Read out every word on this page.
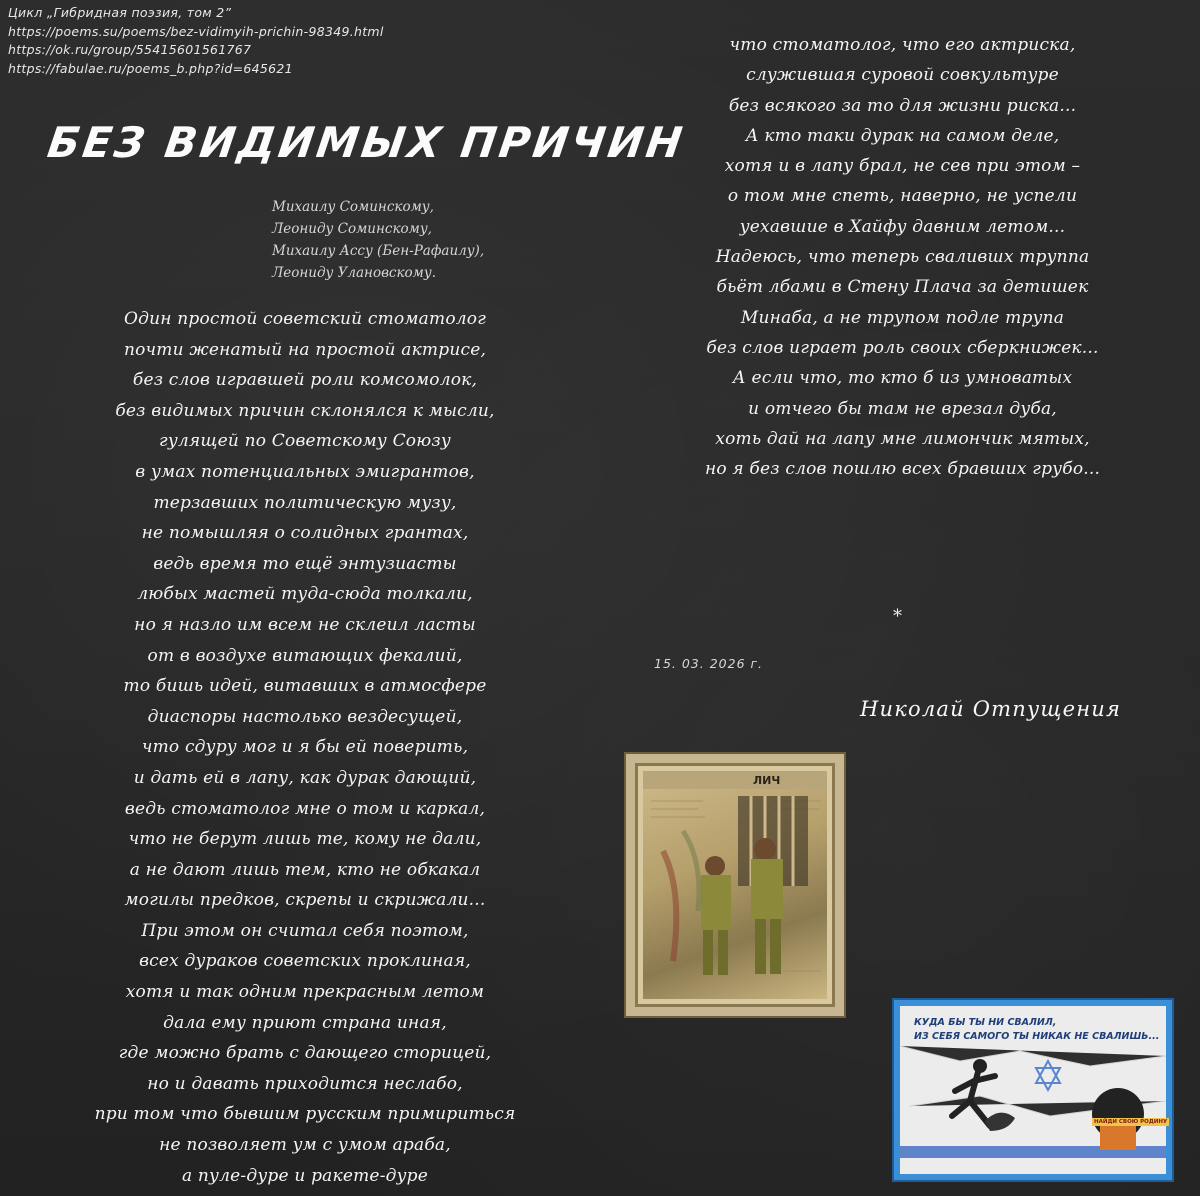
Цикл „Гибридная поэзия, том 2”
https://poems.su/poems/bez-vidimyih-prichin-98349.html
https://ok.ru/group/55415601561767
https://fabulae.ru/poems_b.php?id=645621
БЕЗ ВИДИМЫХ ПРИЧИН
Михаилу Соминскому,
Леониду Соминскому,
Михаилу Ассу (Бен-Рафаилу),
Леониду Улановскому.
Один простой советский стоматолог
почти женатый на простой актрисе,
без слов игравшей роли комсомолок,
без видимых причин склонялся к мысли,
гулящей по Советскому Союзу
в умах потенциальных эмигрантов,
терзавших политическую музу,
не помышляя о солидных грантах,
ведь время то ещё энтузиасты
любых мастей туда-сюда толкали,
но я назло им всем не склеил ласты
от в воздухе витающих фекалий,
то бишь идей, витавших в атмосфере
диаспоры настолько вездесущей,
что сдуру мог и я бы ей поверить,
и дать ей в лапу, как дурак дающий,
ведь стоматолог мне о том и каркал,
что не берут лишь те, кому не дали,
а не дают лишь тем, кто не обкакал
могилы предков, скрепы и скрижали...
При этом он считал себя поэтом,
всех дураков советских проклиная,
хотя и так одним прекрасным летом
дала ему приют страна иная,
где можно брать с дающего сторицей,
но и давать приходится неслабо,
при том что бывшим русским примириться
не позволяет ум с умом араба,
а пуле-дуре и ракете-дуре
что стоматолог, что его актриска,
служившая суровой совкультуре
без всякого за то для жизни риска...
А кто таки дурак на самом деле,
хотя и в лапу брал, не сев при этом –
о том мне спеть, наверно, не успели
уехавшие в Хайфу давним летом...
Надеюсь, что теперь свалившх труппа
бьёт лбами в Стену Плача за детишек
Минаба, а не трупом подле трупа
без слов играет роль своих сберкнижек...
А если что, то кто б из умноватых
и отчего бы там не врезал дуба,
хоть дай на лапу мне лимончик мятых,
но я без слов пошлю всех бравших грубо...
*
15. 03. 2026 г.
Николай Отпущения
ЛИЧ
КУДА БЫ ТЫ НИ СВАЛИЛ,
ИЗ СЕБЯ САМОГО ТЫ НИКАК НЕ СВАЛИШЬ...
НАЙДИ СВОЮ РОДИНУ
